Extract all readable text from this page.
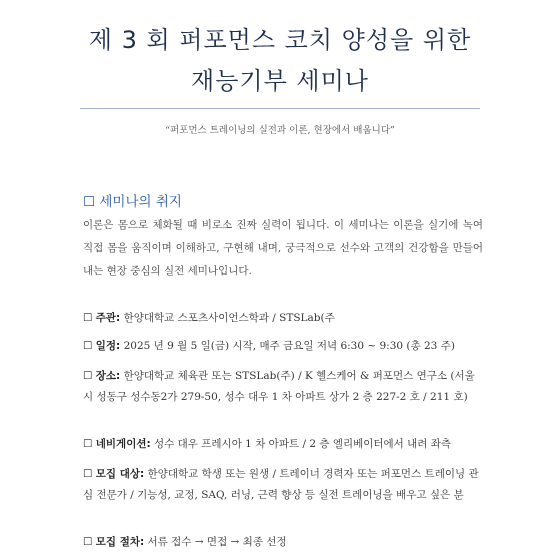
제 3 회 퍼포먼스 코치 양성을 위한
재능기부 세미나
“퍼포먼스 트레이닝의 실전과 이론, 현장에서 배웁니다”
☐ 세미나의 취지
이론은 몸으로 체화될 때 비로소 진짜 실력이 됩니다. 이 세미나는 이론을 실기에 녹여 직접 몸을 움직이며 이해하고, 구현해 내며, 궁극적으로 선수와 고객의 건강함을 만들어내는 현장 중심의 실전 세미나입니다.
☐ 주관: 한양대학교 스포츠사이언스학과 / STSLab(주
☐ 일정: 2025 년 9 월 5 일(금) 시작, 매주 금요일 저녁 6:30 ~ 9:30 (총 23 주)
☐ 장소: 한양대학교 체육관 또는 STSLab(주) / K 헬스케어 & 퍼포먼스 연구소 (서울시 성동구 성수동2가 279-50, 성수 대우 1 차 아파트 상가 2 층 227-2 호 / 211 호)
☐ 네비게이션: 성수 대우 프레시아 1 차 아파트 / 2 층 엘리베이터에서 내려 좌측
☐ 모집 대상: 한양대학교 학생 또는 원생 / 트레이너 경력자 또는 퍼포먼스 트레이닝 관심 전문가 / 기능성, 교정, SAQ, 러닝, 근력 향상 등 실전 트레이닝을 배우고 싶은 분
☐ 모집 절차: 서류 접수 → 면접 → 최종 선정
